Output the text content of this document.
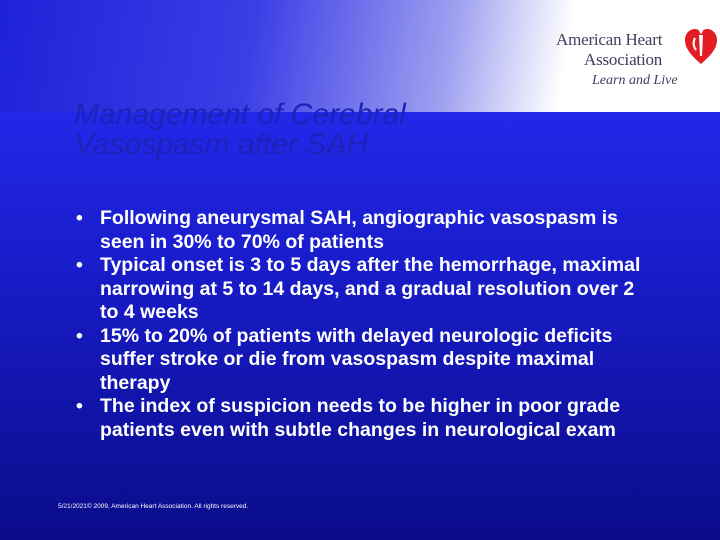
American Heart
Association
Learn and Live
Management of Cerebral
Vasospasm after SAH
• Following aneurysmal SAH, angiographic vasospasm is seen in 30% to 70% of patients
• Typical onset is 3 to 5 days after the hemorrhage, maximal narrowing at 5 to 14 days, and a gradual resolution over 2 to 4 weeks
• 15% to 20% of patients with delayed neurologic deficits suffer stroke or die from vasospasm despite maximal therapy
• The index of suspicion needs to be higher in poor grade patients even with subtle changes in neurological exam
5/21/2021© 2009, American Heart Association. All rights reserved.
